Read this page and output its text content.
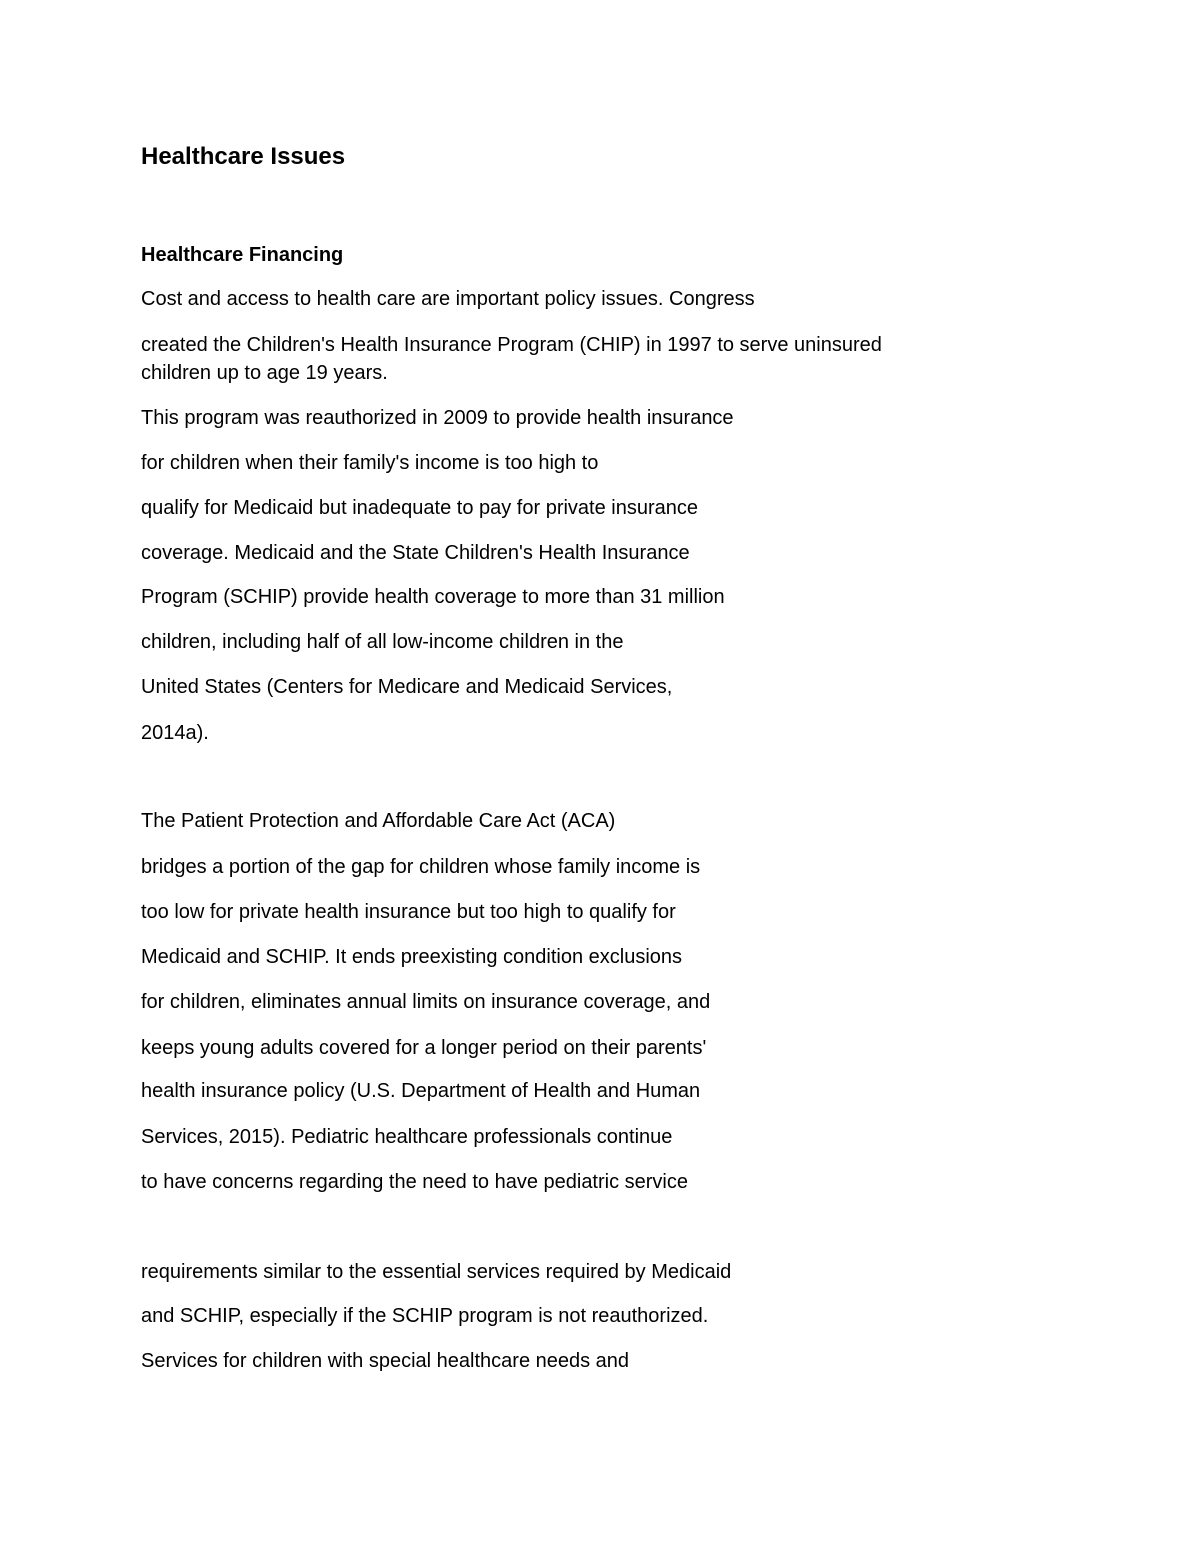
Healthcare Issues
Healthcare Financing

Cost and access to health care are important policy issues. Congress

created the Children's Health Insurance Program (CHIP) in 1997 to serve uninsured

children up to age 19 years.

This program was reauthorized in 2009 to provide health insurance

for children when their family's income is too high to

qualify for Medicaid but inadequate to pay for private insurance

coverage. Medicaid and the State Children's Health Insurance

Program (SCHIP) provide health coverage to more than 31 million

children, including half of all low-income children in the

United States (Centers for Medicare and Medicaid Services,

2014a).

The Patient Protection and Affordable Care Act (ACA)

bridges a portion of the gap for children whose family income is

too low for private health insurance but too high to qualify for

Medicaid and SCHIP. It ends preexisting condition exclusions

for children, eliminates annual limits on insurance coverage, and

keeps young adults covered for a longer period on their parents'

health insurance policy (U.S. Department of Health and Human

Services, 2015). Pediatric healthcare professionals continue

to have concerns regarding the need to have pediatric service

requirements similar to the essential services required by Medicaid

and SCHIP, especially if the SCHIP program is not reauthorized.

Services for children with special healthcare needs and
